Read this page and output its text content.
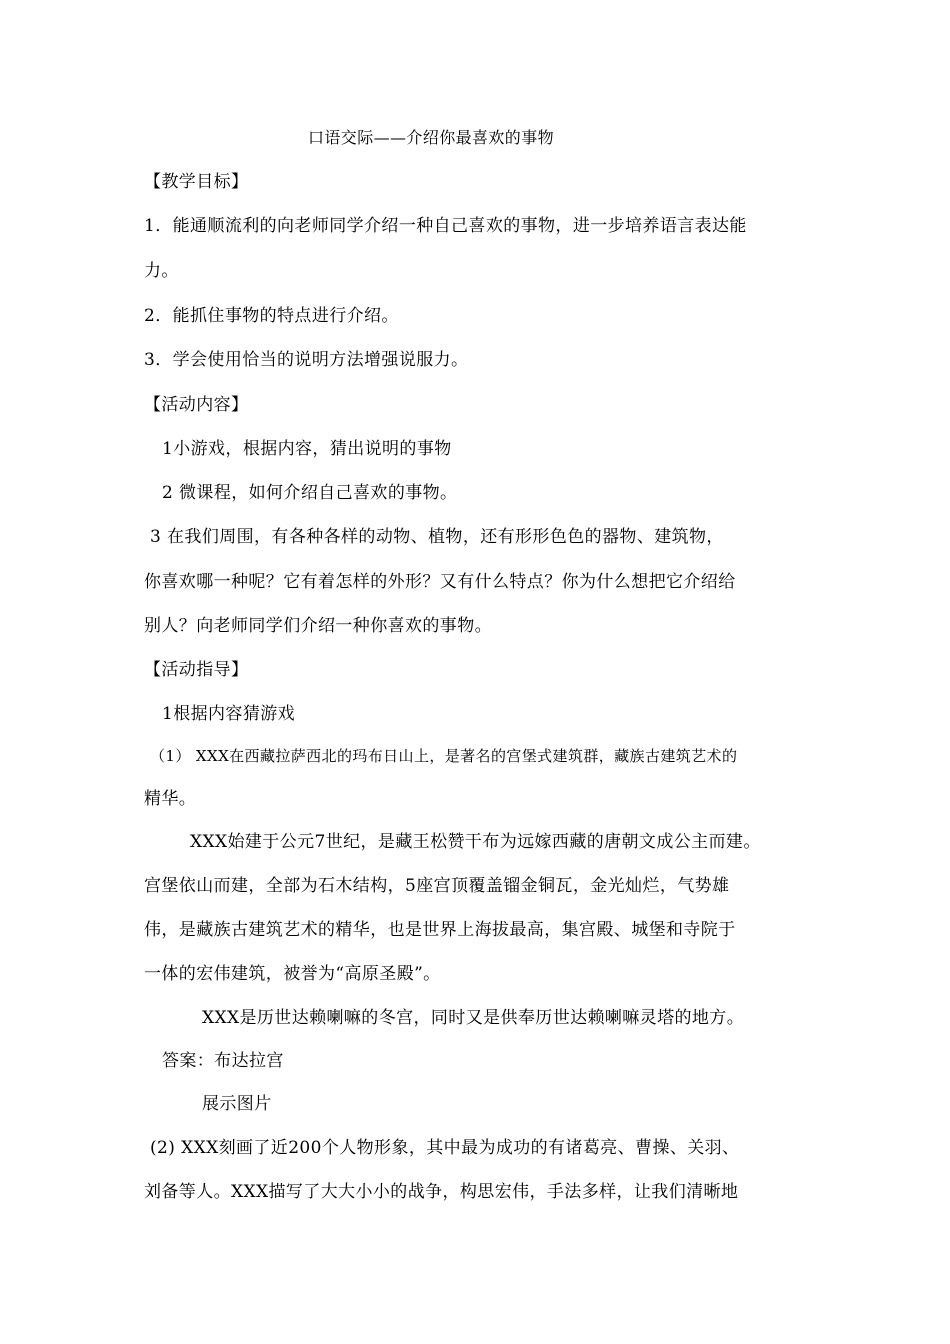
口语交际——介绍你最喜欢的事物
【教学目标】
1．能通顺流利的向老师同学介绍一种自己喜欢的事物，进一步培养语言表达能
力。
2．能抓住事物的特点进行介绍。
3．学会使用恰当的说明方法增强说服力。
【活动内容】
1小游戏，根据内容，猜出说明的事物
2 微课程，如何介绍自己喜欢的事物。
3 在我们周围，有各种各样的动物、植物，还有形形色色的器物、建筑物，
你喜欢哪一种呢？它有着怎样的外形？又有什么特点？你为什么想把它介绍给
别人？向老师同学们介绍一种你喜欢的事物。
【活动指导】
1根据内容猜游戏
（1） XXX在西藏拉萨西北的玛布日山上，是著名的宫堡式建筑群，藏族古建筑艺术的
精华。
XXX始建于公元7世纪，是藏王松赞干布为远嫁西藏的唐朝文成公主而建。
宫堡依山而建，全部为石木结构，5座宫顶覆盖镏金铜瓦，金光灿烂，气势雄
伟，是藏族古建筑艺术的精华，也是世界上海拔最高，集宫殿、城堡和寺院于
一体的宏伟建筑，被誉为“高原圣殿”。
XXX是历世达赖喇嘛的冬宫，同时又是供奉历世达赖喇嘛灵塔的地方。
答案：布达拉宫
展示图片
(2) XXX刻画了近200个人物形象，其中最为成功的有诸葛亮、曹操、关羽、
刘备等人。XXX描写了大大小小的战争，构思宏伟，手法多样，让我们清晰地
